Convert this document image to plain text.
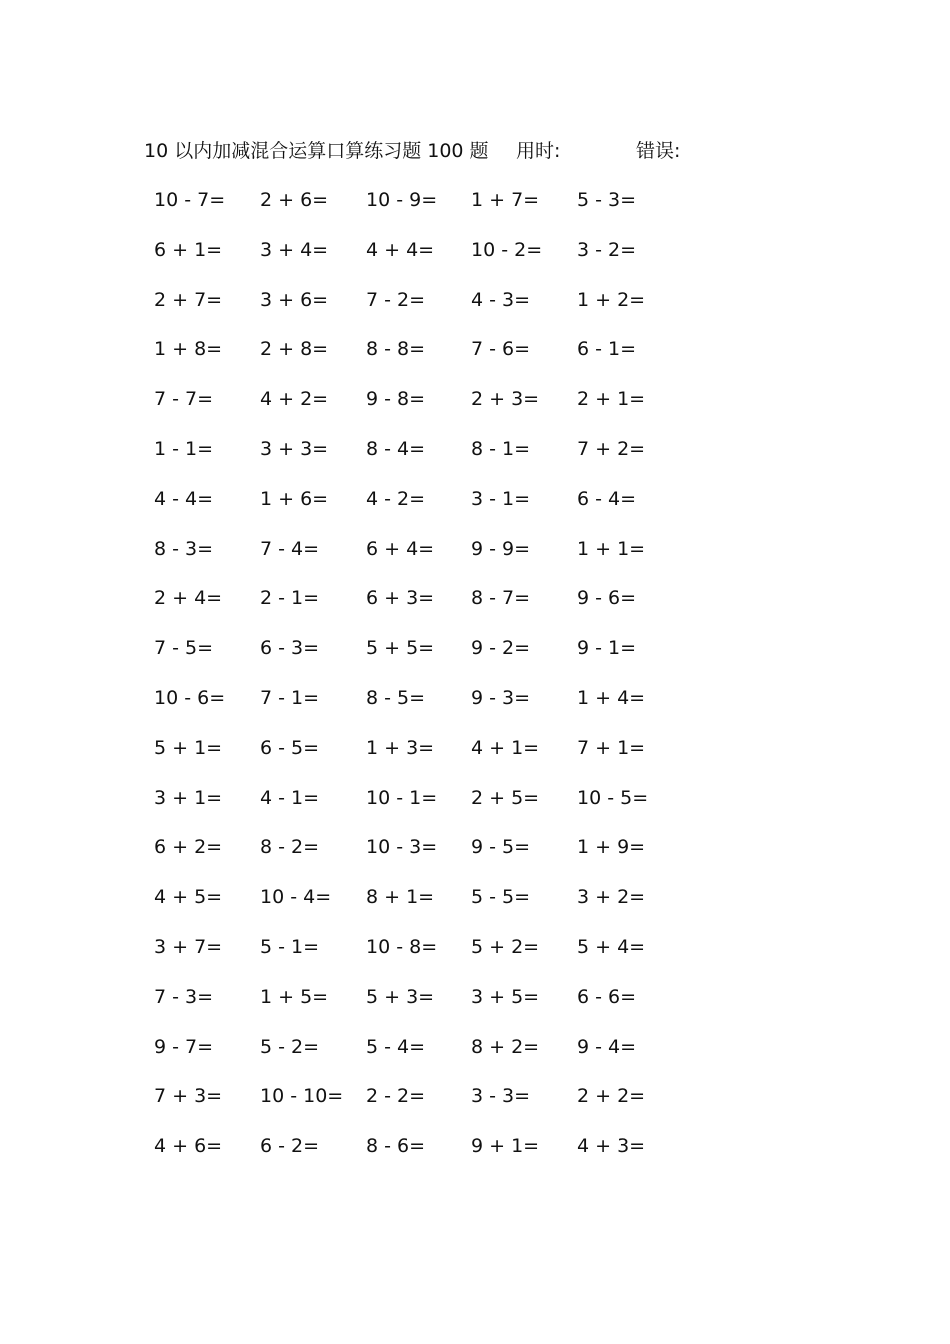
10 以内加减混合运算口算练习题 100 题 用时:	错误:
10 - 7=	2 + 6=	10 - 9=	1 + 7=	5 - 3=
6 + 1=	3 + 4=	4 + 4=	10 - 2=	3 - 2=
2 + 7=	3 + 6=	7 - 2=	4 - 3=	1 + 2=
1 + 8=	2 + 8=	8 - 8=	7 - 6=	6 - 1=
7 - 7=	4 + 2=	9 - 8=	2 + 3=	2 + 1=
1 - 1=	3 + 3=	8 - 4=	8 - 1=	7 + 2=
4 - 4=	1 + 6=	4 - 2=	3 - 1=	6 - 4=
8 - 3=	7 - 4=	6 + 4=	9 - 9=	1 + 1=
2 + 4=	2 - 1=	6 + 3=	8 - 7=	9 - 6=
7 - 5=	6 - 3=	5 + 5=	9 - 2=	9 - 1=
10 - 6=	7 - 1=	8 - 5=	9 - 3=	1 + 4=
5 + 1=	6 - 5=	1 + 3=	4 + 1=	7 + 1=
3 + 1=	4 - 1=	10 - 1=	2 + 5=	10 - 5=
6 + 2=	8 - 2=	10 - 3=	9 - 5=	1 + 9=
4 + 5=	10 - 4=	8 + 1=	5 - 5=	3 + 2=
3 + 7=	5 - 1=	10 - 8=	5 + 2=	5 + 4=
7 - 3=	1 + 5=	5 + 3=	3 + 5=	6 - 6=
9 - 7=	5 - 2=	5 - 4=	8 + 2=	9 - 4=
7 + 3=	10 - 10=	2 - 2=	3 - 3=	2 + 2=
4 + 6=	6 - 2=	8 - 6=	9 + 1=	4 + 3=
